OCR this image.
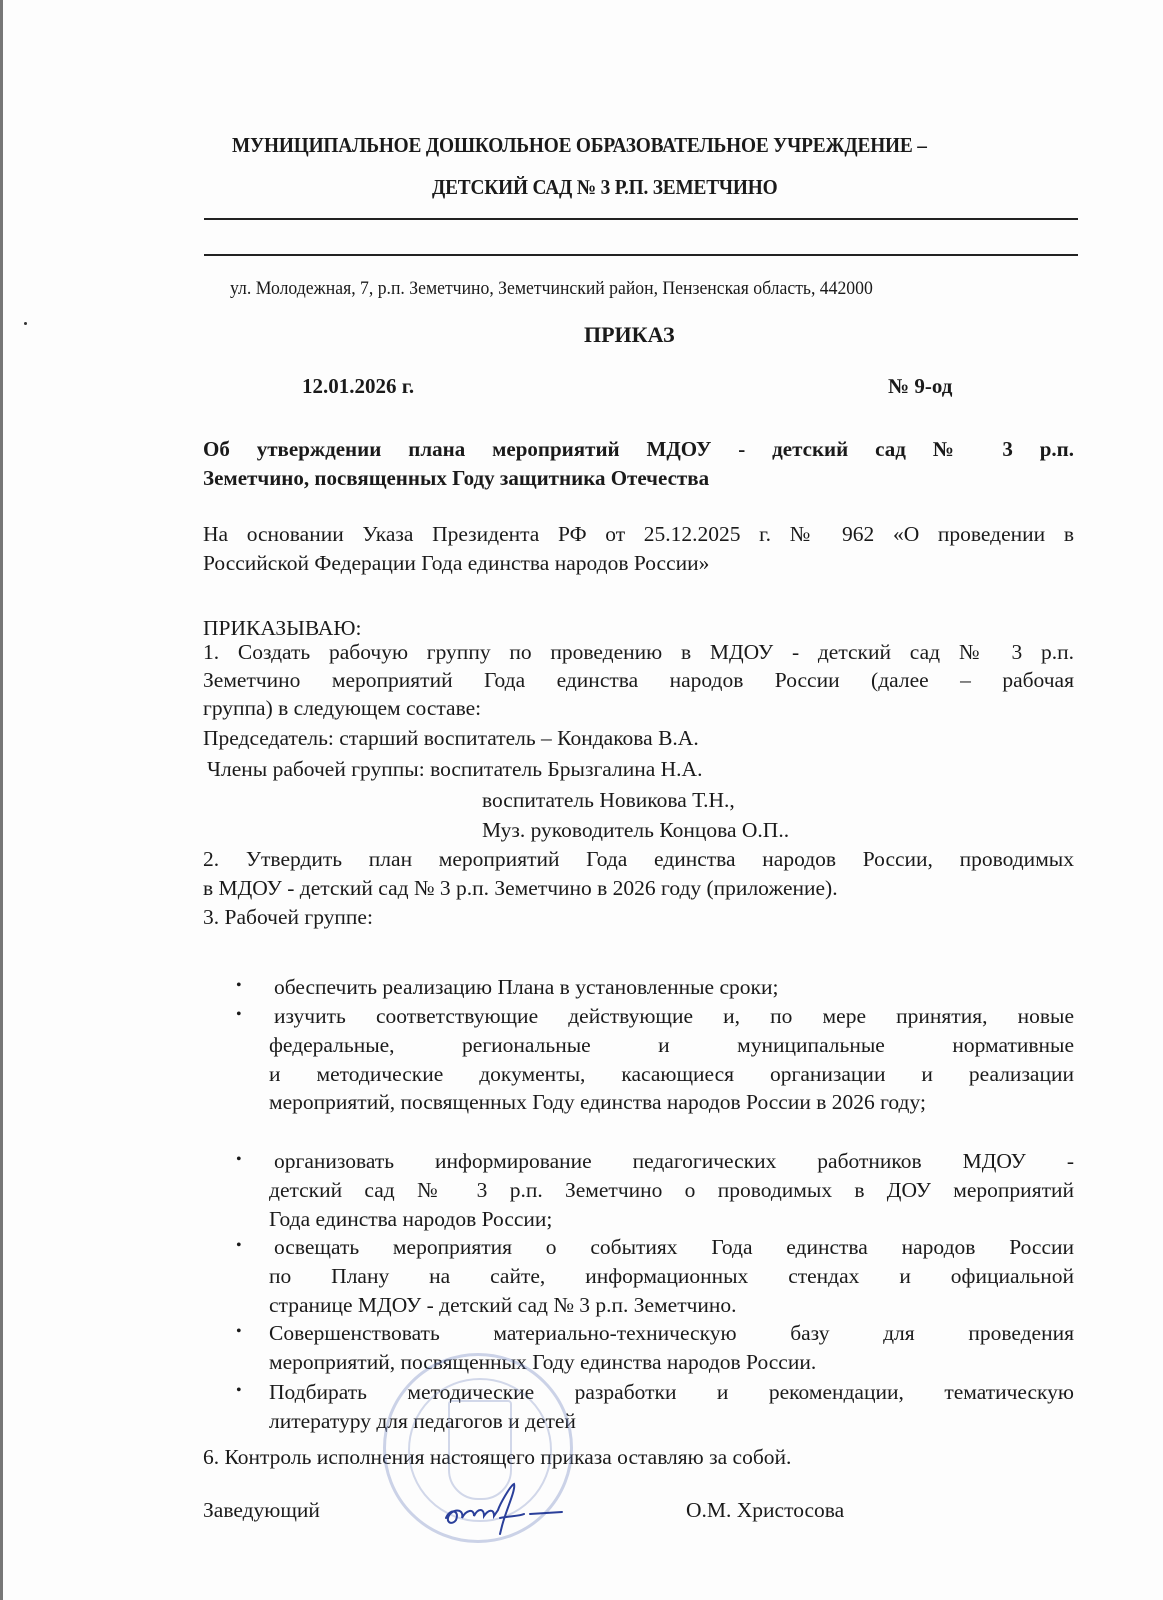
МУНИЦИПАЛЬНОЕ ДОШКОЛЬНОЕ ОБРАЗОВАТЕЛЬНОЕ УЧРЕЖДЕНИЕ –
ДЕТСКИЙ САД № 3 Р.П. ЗЕМЕТЧИНО
ул. Молодежная, 7, р.п. Земетчино, Земетчинский район, Пензенская область, 442000
ПРИКАЗ
12.01.2026 г.	№ 9-од
Об утверждении плана мероприятий МДОУ - детский сад № 3 р.п.
Земетчино, посвященных Году защитника Отечества
На основании Указа Президента РФ от 25.12.2025 г. № 962 «О проведении в
Российской Федерации Года единства народов России»
ПРИКАЗЫВАЮ:
1. Создать рабочую группу по проведению в МДОУ - детский сад № 3 р.п.
Земетчино мероприятий Года единства народов России (далее – рабочая
группа) в следующем составе:
Председатель: старший воспитатель – Кондакова В.А.
Члены рабочей группы: воспитатель Брызгалина Н.А.
воспитатель Новикова Т.Н.,
Муз. руководитель Концова О.П..
2. Утвердить план мероприятий Года единства народов России, проводимых
в МДОУ - детский сад № 3 р.п. Земетчино в 2026 году (приложение).
3. Рабочей группе:
• обеспечить реализацию Плана в установленные сроки;
• изучить соответствующие действующие и, по мере принятия, новые
федеральные, региональные и муниципальные нормативные
и методические документы, касающиеся организации и реализации
мероприятий, посвященных Году единства народов России в 2026 году;
• организовать информирование педагогических работников МДОУ -
детский сад № 3 р.п. Земетчино о проводимых в ДОУ мероприятий
Года единства народов России;
• освещать мероприятия о событиях Года единства народов России
по Плану на сайте, информационных стендах и официальной
странице МДОУ - детский сад № 3 р.п. Земетчино.
• Совершенствовать материально-техническую базу для проведения
мероприятий, посвященных Году единства народов России.
• Подбирать методические разработки и рекомендации, тематическую
литературу для педагогов и детей
6. Контроль исполнения настоящего приказа оставляю за собой.
Заведующий	О.М. Христосова
